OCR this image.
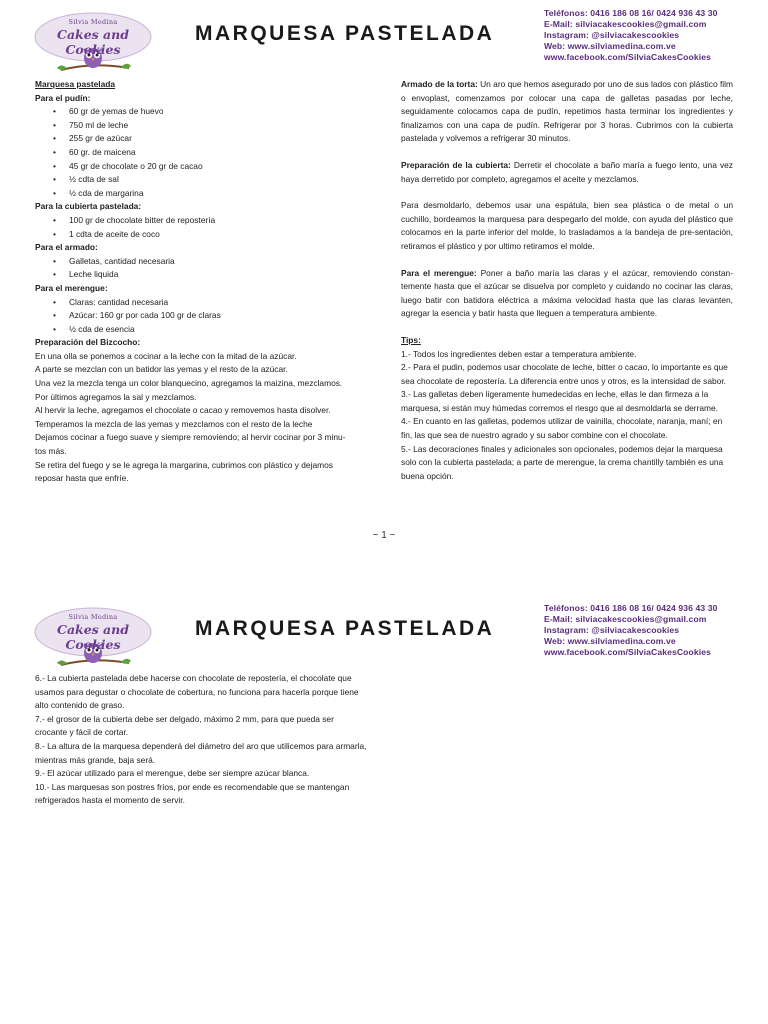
Silvia Medina
Cakes and Cookies
MARQUESA PASTELADA
Teléfonos: 0416 186 08 16/ 0424 936 43 30
E-Mail: silviacakescookies@gmail.com
Instagram: @silviacakescookies
Web: www.silviamedina.com.ve
www.facebook.com/SilviaCakesCookies
Marquesa pastelada
Para el pudín:
• 60 gr de yemas de huevo
• 750 ml de leche
• 255 gr de azúcar
• 60 gr. de maicena
• 45 gr de chocolate o 20 gr de cacao
• ½ cdta de sal
• ½ cda de margarina
Para la cubierta pastelada:
• 100 gr de chocolate bitter de repostería
• 1 cdta de aceite de coco
Para el armado:
• Galletas, cantidad necesaria
• Leche liquida
Para el merengue:
• Claras: cantidad necesaria
• Azúcar: 160 gr por cada 100 gr de claras
• ½ cda de esencia
Preparación del Bizcocho:
En una olla se ponemos a cocinar a la leche con la mitad de la azúcar.
A parte se mezclan con un batidor las yemas y el resto de la azúcar.
Una vez la mezcla tenga un color blanquecino, agregamos la maizina, mezclamos.
Por últimos agregamos la sal y mezclamos.
Al hervir la leche, agregamos el chocolate o cacao y removemos hasta disolver.
Temperamos la mezcla de las yemas y mezclamos con el resto de la leche
Dejamos cocinar a fuego suave y siempre removiendo; al hervir cocinar por 3 minu-
tos más.
Se retira del fuego y se le agrega la margarina, cubrimos con plástico y dejamos
reposar hasta que enfríe.

Armado de la torta: Un aro que hemos asegurado por uno de sus lados con plástico film o envoplast, comenzamos por colocar una capa de galletas pasadas por leche, seguidamente colocamos capa de pudín, repetimos hasta terminar los ingredientes y finalizamos con una capa de pudín. Refrigerar por 3 horas. Cubrimos con la cubierta pastelada y volvemos a refrigerar 30 minutos.

Preparación de la cubierta: Derretir el chocolate a baño maría a fuego lento, una vez haya derretido por completo, agregamos el aceite y mezclamos.

Para desmoldarlo, debemos usar una espátula, bien sea plástica o de metal o un cuchillo, bordeamos la marquesa para despegarlo del molde, con ayuda del plástico que colocamos en la parte inferior del molde, lo trasladamos a la bandeja de pre-sentación, retiramos el plástico y por ultimo retiramos el molde.

Para el merengue: Poner a baño maría las claras y el azúcar, removiendo constan-temente hasta que el azúcar se disuelva por completo y cuidando no cocinar las claras, luego batir con batidora eléctrica a máxima velocidad hasta que las claras levanten, agregar la esencia y batir hasta que lleguen a temperatura ambiente.

Tips:

1.- Todos los ingredientes deben estar a temperatura ambiente.

2.- Para el pudin, podemos usar chocolate de leche, bitter o cacao, lo importante es que sea chocolate de repostería. La diferencia entre unos y otros, es la intensidad de sabor.

3.- Las galletas deben ligeramente humedecidas en leche, ellas le dan firmeza a la marquesa, si están muy húmedas corremos el riesgo que al desmoldarla se derrame.

4.- En cuanto en las galletas, podemos utilizar de vainilla, chocolate, naranja, maní; en fin, las que sea de nuestro agrado y su sabor combine con el chocolate.

5.- Las decoraciones finales y adicionales son opcionales, podemos dejar la marquesa solo con la cubierta pastelada; a parte de merengue, la crema chantilly también es una buena opción.

~ 1 ~
Silvia Medina
Cakes and Cookies
MARQUESA PASTELADA
Teléfonos: 0416 186 08 16/ 0424 936 43 30
E-Mail: silviacakescookies@gmail.com
Instagram: @silviacakescookies
Web: www.silviamedina.com.ve
www.facebook.com/SilviaCakesCookies

6.- La cubierta pastelada debe hacerse con chocolate de repostería, el chocolate que usamos para degustar o chocolate de cobertura, no funciona para hacerla porque tiene alto contenido de graso.

7.- el grosor de la cubierta debe ser delgado, máximo 2 mm, para que pueda ser crocante y fácil de cortar.

8.- La altura de la marquesa dependerá del diámetro del aro que utilicemos para armarla, mientras más grande, baja será.

9.- El azúcar utilizado para el merengue, debe ser siempre azúcar blanca.

10.- Las marquesas son postres fríos, por ende es recomendable que se mantengan refrigerados hasta el momento de servir.
